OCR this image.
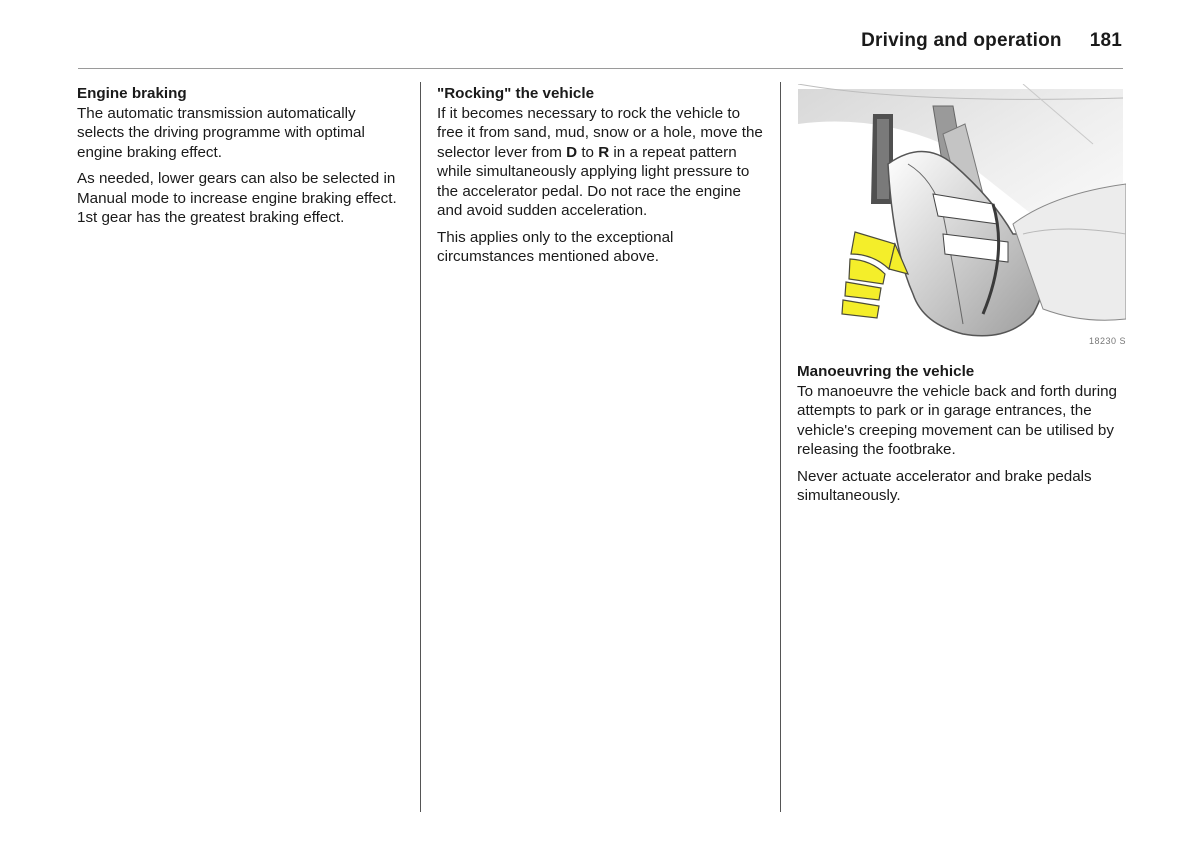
Driving and operation 181
Engine braking

The automatic transmission automatically selects the driving programme with optimal engine braking effect.

As needed, lower gears can also be selected in Manual mode to increase engine braking effect. 1st gear has the greatest braking effect.

"Rocking" the vehicle

If it becomes necessary to rock the vehicle to free it from sand, mud, snow or a hole, move the selector lever from D to R in a repeat pattern while simultaneously applying light pressure to the accelerator pedal. Do not race the engine and avoid sudden acceleration.

This applies only to the exceptional circumstances mentioned above.

18230 S
Manoeuvring the vehicle

To manoeuvre the vehicle back and forth during attempts to park or in garage entrances, the vehicle's creeping movement can be utilised by releasing the footbrake.

Never actuate accelerator and brake pedals simultaneously.
